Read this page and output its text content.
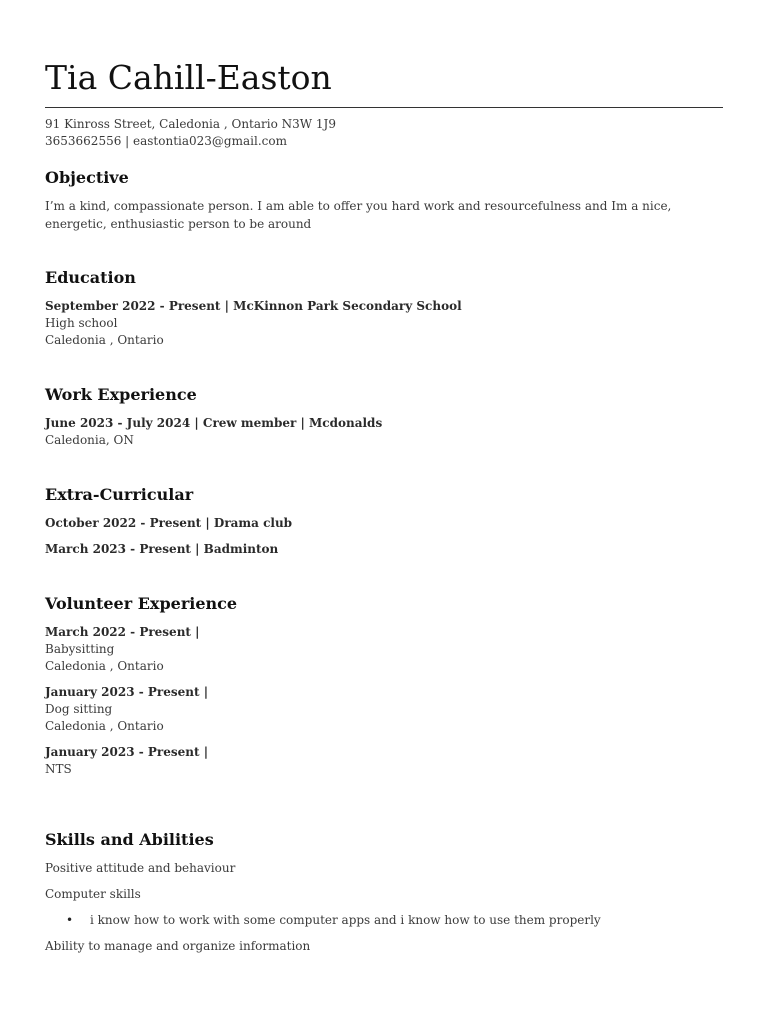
Tia Cahill-Easton
91 Kinross Street, Caledonia , Ontario N3W 1J9
3653662556 | eastontia023@gmail.com
Objective
I’m a kind, compassionate person. I am able to offer you hard work and resourcefulness and Im a nice, energetic, enthusiastic person to be around
Education
September 2022 - Present | McKinnon Park Secondary School
High school
Caledonia , Ontario
Work Experience
June 2023 - July 2024 | Crew member | Mcdonalds
Caledonia, ON
Extra-Curricular
October 2022 - Present | Drama club
March 2023 - Present | Badminton
Volunteer Experience
March 2022 - Present |
Babysitting
Caledonia , Ontario
January 2023 - Present |
Dog sitting
Caledonia , Ontario
January 2023 - Present |
NTS
Skills and Abilities
Positive attitude and behaviour
Computer skills
• i know how to work with some computer apps and i know how to use them properly
Ability to manage and organize information
